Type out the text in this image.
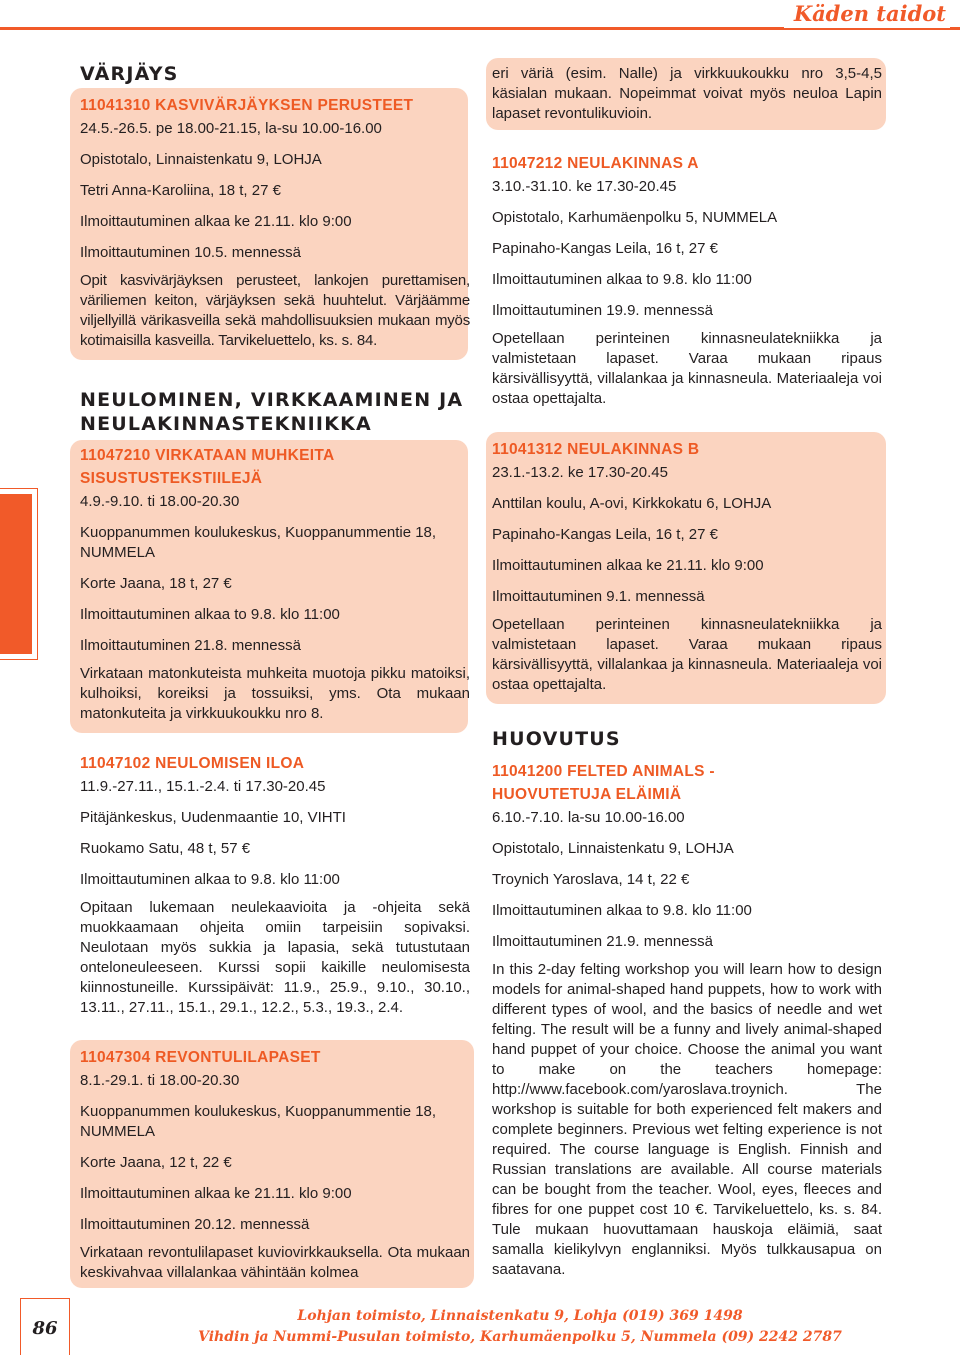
Käden taidot
VÄRJÄYS
11041310 KASVIVÄRJÄYKSEN PERUSTEET
24.5.-26.5. pe 18.00-21.15, la-su 10.00-16.00
Opistotalo, Linnaistenkatu 9, LOHJA
Tetri Anna-Karoliina, 18 t, 27 €
Ilmoittautuminen alkaa ke 21.11. klo 9:00
Ilmoittautuminen 10.5. mennessä
Opit kasvivärjäyksen perusteet, lankojen purettamisen, väriliemen keiton, värjäyksen sekä huuhtelut. Värjäämme viljellyillä värikasveilla sekä mahdollisuuksien mukaan myös kotimaisilla kasveilla. Tarvikeluettelo, ks. s. 84.
NEULOMINEN, VIRKKAAMINEN JA
NEULAKINNASTEKNIIKKA
11047210 VIRKATAAN MUHKEITA
SISUSTUSTEKSTIILEJÄ
4.9.-9.10. ti 18.00-20.30
Kuoppanummen koulukeskus, Kuoppanummentie 18,
NUMMELA
Korte Jaana, 18 t, 27 €
Ilmoittautuminen alkaa to 9.8. klo 11:00
Ilmoittautuminen 21.8. mennessä
Virkataan matonkuteista muhkeita muotoja pikku matoiksi, kulhoiksi, koreiksi ja tossuiksi, yms. Ota mukaan matonkuteita ja virkkuukoukku nro 8.
11047102 NEULOMISEN ILOA
11.9.-27.11., 15.1.-2.4. ti 17.30-20.45
Pitäjänkeskus, Uudenmaantie 10, VIHTI
Ruokamo Satu, 48 t, 57 €
Ilmoittautuminen alkaa to 9.8. klo 11:00
Opitaan lukemaan neulekaavioita ja -ohjeita sekä muokkaamaan ohjeita omiin tarpeisiin sopivaksi. Neulotaan myös sukkia ja lapasia, sekä tutustutaan onteloneuleeseen. Kurssi sopii kaikille neulomisesta kiinnostuneille. Kurssipäivät: 11.9., 25.9., 9.10., 30.10., 13.11., 27.11., 15.1., 29.1., 12.2., 5.3., 19.3., 2.4.
11047304 REVONTULILAPASET
8.1.-29.1. ti 18.00-20.30
Kuoppanummen koulukeskus, Kuoppanummentie 18,
NUMMELA
Korte Jaana, 12 t, 22 €
Ilmoittautuminen alkaa ke 21.11. klo 9:00
Ilmoittautuminen 20.12. mennessä
Virkataan revontulilapaset kuviovirkkauksella. Ota mukaan keskivahvaa villalankaa vähintään kolmea
eri väriä (esim. Nalle) ja virkkuukoukku nro 3,5-4,5 käsialan mukaan. Nopeimmat voivat myös neuloa Lapin lapaset revontulikuvioin.
11047212 NEULAKINNAS A
3.10.-31.10. ke 17.30-20.45
Opistotalo, Karhumäenpolku 5, NUMMELA
Papinaho-Kangas Leila, 16 t, 27 €
Ilmoittautuminen alkaa to 9.8. klo 11:00
Ilmoittautuminen 19.9. mennessä
Opetellaan perinteinen kinnasneulatekniikka ja valmistetaan lapaset. Varaa mukaan ripaus kärsivällisyyttä, villalankaa ja kinnasneula. Materiaaleja voi ostaa opettajalta.
11041312 NEULAKINNAS B
23.1.-13.2. ke 17.30-20.45
Anttilan koulu, A-ovi, Kirkkokatu 6, LOHJA
Papinaho-Kangas Leila, 16 t, 27 €
Ilmoittautuminen alkaa ke 21.11. klo 9:00
Ilmoittautuminen 9.1. mennessä
Opetellaan perinteinen kinnasneulatekniikka ja valmistetaan lapaset. Varaa mukaan ripaus kärsivällisyyttä, villalankaa ja kinnasneula. Materiaaleja voi ostaa opettajalta.
HUOVUTUS
11041200 FELTED ANIMALS -
HUOVUTETUJA ELÄIMIÄ
6.10.-7.10. la-su 10.00-16.00
Opistotalo, Linnaistenkatu 9, LOHJA
Troynich Yaroslava, 14 t, 22 €
Ilmoittautuminen alkaa to 9.8. klo 11:00
Ilmoittautuminen 21.9. mennessä
In this 2-day felting workshop you will learn how to design models for animal-shaped hand puppets, how to work with different types of wool, and the basics of needle and wet felting. The result will be a funny and lively animal-shaped hand puppet of your choice. Choose the animal you want to make on the teachers homepage: http://www.facebook.com/yaroslava.troynich. The workshop is suitable for both experienced felt makers and complete beginners. Previous wet felting experience is not required. The course language is English. Finnish and Russian translations are available. All course materials can be bought from the teacher. Wool, eyes, fleeces and fibres for one puppet cost 10 €. Tarvikeluettelo, ks. s. 84. Tule mukaan huovuttamaan hauskoja eläimiä, saat samalla kielikylvyn englanniksi. Myös tulkkausapua on saatavana.
86
Lohjan toimisto, Linnaistenkatu 9, Lohja (019) 369 1498
Vihdin ja Nummi-Pusulan toimisto, Karhumäenpolku 5, Nummela (09) 2242 2787
